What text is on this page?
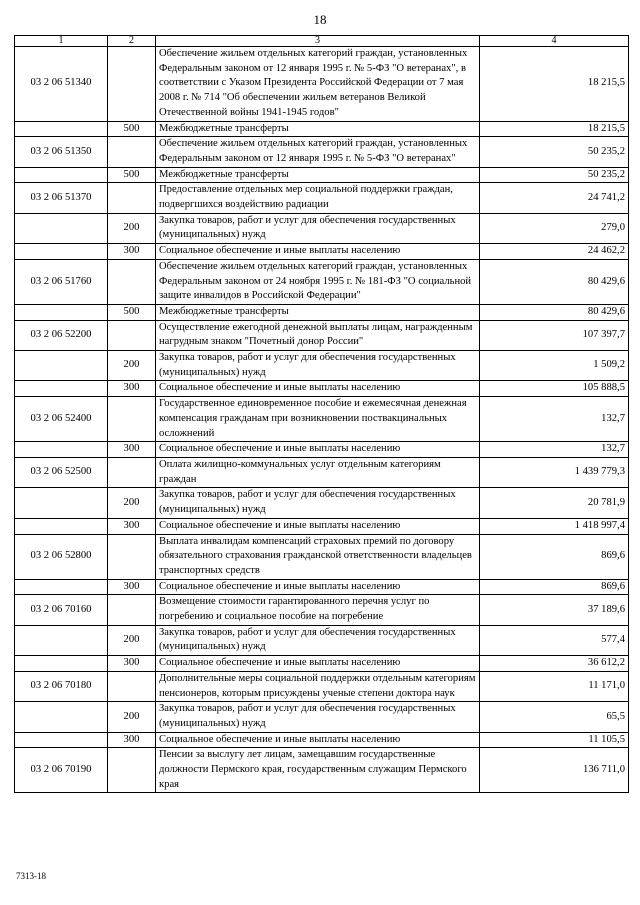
18
1	2	3	4
03 2 06 51340		Обеспечение жильем отдельных категорий граждан, установленных Федеральным законом от 12 января 1995 г. № 5-ФЗ "О ветеранах", в соответствии с Указом Президента Российской Федерации от 7 мая 2008 г. № 714 "Об обеспечении жильем ветеранов Великой Отечественной войны 1941-1945 годов"	18 215,5
	500	Межбюджетные трансферты	18 215,5
03 2 06 51350		Обеспечение жильем отдельных категорий граждан, установленных Федеральным законом от 12 января 1995 г. № 5-ФЗ "О ветеранах"	50 235,2
	500	Межбюджетные трансферты	50 235,2
03 2 06 51370		Предоставление отдельных мер социальной поддержки граждан, подвергшихся воздействию радиации	24 741,2
	200	Закупка товаров, работ и услуг для обеспечения государственных (муниципальных) нужд	279,0
	300	Социальное обеспечение и иные выплаты населению	24 462,2
03 2 06 51760		Обеспечение жильем отдельных категорий граждан, установленных Федеральным законом от 24 ноября 1995 г. № 181-ФЗ "О социальной защите инвалидов в Российской Федерации"	80 429,6
	500	Межбюджетные трансферты	80 429,6
03 2 06 52200		Осуществление ежегодной денежной выплаты лицам, награжденным нагрудным знаком "Почетный донор России"	107 397,7
	200	Закупка товаров, работ и услуг для обеспечения государственных (муниципальных) нужд	1 509,2
	300	Социальное обеспечение и иные выплаты населению	105 888,5
03 2 06 52400		Государственное единовременное пособие и ежемесячная денежная компенсация гражданам при возникновении поствакцинальных осложнений	132,7
	300	Социальное обеспечение и иные выплаты населению	132,7
03 2 06 52500		Оплата жилищно-коммунальных услуг отдельным категориям граждан	1 439 779,3
	200	Закупка товаров, работ и услуг для обеспечения государственных (муниципальных) нужд	20 781,9
	300	Социальное обеспечение и иные выплаты населению	1 418 997,4
03 2 06 52800		Выплата инвалидам компенсаций страховых премий по договору обязательного страхования гражданской ответственности владельцев транспортных средств	869,6
	300	Социальное обеспечение и иные выплаты населению	869,6
03 2 06 70160		Возмещение стоимости гарантированного перечня услуг по погребению и социальное пособие на погребение	37 189,6
	200	Закупка товаров, работ и услуг для обеспечения государственных (муниципальных) нужд	577,4
	300	Социальное обеспечение и иные выплаты населению	36 612,2
03 2 06 70180		Дополнительные меры социальной поддержки отдельным категориям пенсионеров, которым присуждены ученые степени доктора наук	11 171,0
	200	Закупка товаров, работ и услуг для обеспечения государственных (муниципальных) нужд	65,5
	300	Социальное обеспечение и иные выплаты населению	11 105,5
03 2 06 70190		Пенсии за выслугу лет лицам, замещавшим государственные должности Пермского края, государственным служащим Пермского края	136 711,0
7313-18
